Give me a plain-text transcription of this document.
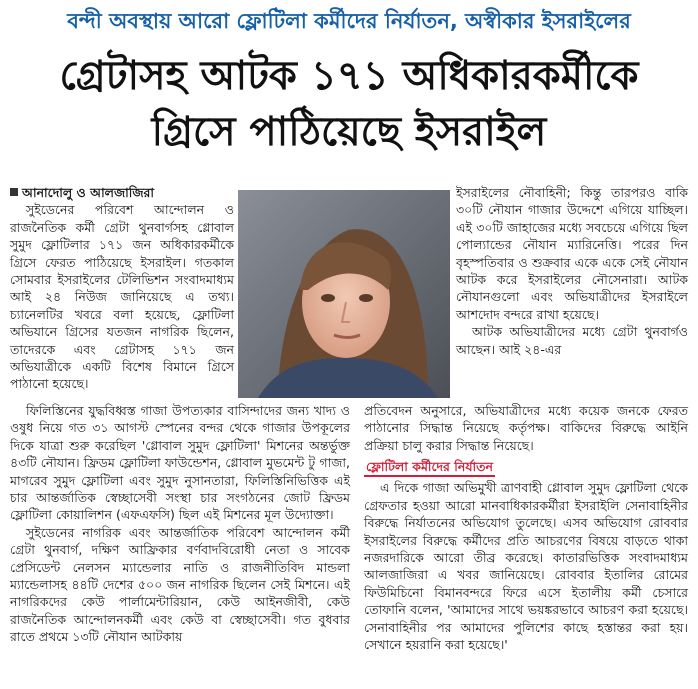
বন্দী অবস্থায় আরো ফ্লোটিলা কর্মীদের নির্যাতন, অস্বীকার ইসরাইলের
গ্রেটাসহ আটক ১৭১ অধিকারকর্মীকে
গ্রিসে পাঠিয়েছে ইসরাইল
আনাদোলু ও আলজাজিরা

সুইডেনের পরিবেশ আন্দোলন ও রাজনৈতিক কর্মী গ্রেটা থুনবার্গসহ গ্লোবাল সুমুদ ফ্লোটিলার ১৭১ জন অধিকারকর্মীকে গ্রিসে ফেরত পাঠিয়েছে ইসরাইল। গতকাল সোমবার ইসরাইলের টেলিভিশন সংবাদমাধ্যম আই ২৪ নিউজ জানিয়েছে এ তথ্য। চ্যানেলটির খবরে বলা হয়েছে, ফ্লোটিলা অভিযানে গ্রিসের যতজন নাগরিক ছিলেন, তাদেরকে এবং গ্রেটাসহ ১৭১ জন অভিযাত্রীকে একটি বিশেষ বিমানে গ্রিসে পাঠানো হয়েছে।

ইসরাইলের নৌবাহিনী; কিন্তু তারপরও বাকি ৩০টি নৌযান গাজার উদ্দেশে এগিয়ে যাচ্ছিল। এই ৩০টি জাহাজের মধ্যে সবচেয়ে এগিয়ে ছিল পোল্যান্ডের নৌযান ম্যারিনেত্তি। পরের দিন বৃহস্পতিবার ও শুক্রবার একে একে সেই নৌযান আটক করে ইসরাইলের নৌসেনারা। আটক নৌযানগুলো এবং অভিযাত্রীদের ইসরাইলে আশদোদ বন্দরে রাখা হয়েছে।

আটক অভিযাত্রীদের মধ্যে গ্রেটা থুনবার্গও আছেন। আই ২৪-এর

প্রতিবেদন অনুসারে, অভিযাত্রীদের মধ্যে কয়েক জনকে ফেরত পাঠানোর সিদ্ধান্ত নিয়েছে কর্তৃপক্ষ। বাকিদের বিরুদ্ধে আইনি প্রক্রিয়া চালু করার সিদ্ধান্ত নিয়েছে।

ফিলিস্তিনের যুদ্ধবিধ্বস্ত গাজা উপত্যকার বাসিন্দাদের জন্য খাদ্য ও ওষুধ নিয়ে গত ৩১ আগস্ট স্পেনের বন্দর থেকে গাজার উপকূলের দিকে যাত্রা শুরু করেছিল 'গ্লোবাল সুমুদ ফ্লোটিলা' মিশনের অন্তর্ভুক্ত ৪৩টি নৌযান। ফ্রিডম ফ্লোটিলা ফাউন্ডেশন, গ্লোবাল মুভমেন্ট টু গাজা, মাগরেব সুমুদ ফ্লোটিলা এবং সুমুদ নুসানতারা, ফিলিস্তিনিভিত্তিক এই চার আন্তর্জাতিক স্বেচ্ছাসেবী সংস্থা চার সংগঠনের জোট ফ্রিডম ফ্লোটিলা কোয়ালিশন (এফএফসি) ছিল এই মিশনের মূল উদ্যোক্তা।

সুইডেনের নাগরিক এবং আন্তর্জাতিক পরিবেশ আন্দোলন কর্মী গ্রেটা থুনবার্গ, দক্ষিণ আফ্রিকার বর্ণবাদবিরোধী নেতা ও সাবেক প্রেসিডেন্ট নেলসন ম্যান্ডেলার নাতি ও রাজনীতিবিদ মান্ডলা ম্যান্ডেলাসহ ৪৪টি দেশের ৫০০ জন নাগরিক ছিলেন সেই মিশনে। এই নাগরিকদের কেউ পার্লামেন্টারিয়ান, কেউ আইনজীবী, কেউ রাজনৈতিক আন্দোলনকর্মী এবং কেউ বা স্বেচ্ছাসেবী। গত বুধবার রাতে প্রথমে ১৩টি নৌযান আটকায়

ফ্লোটিলা কর্মীদের নির্যাতন

এ দিকে গাজা অভিমুখী ত্রাণবাহী গ্লোবাল সুমুদ ফ্লোটিলা থেকে গ্রেফতার হওয়া আরো মানবাধিকারকর্মীরা ইসরাইলি সেনাবাহিনীর বিরুদ্ধে নির্যাতনের অভিযোগ তুলেছে। এসব অভিযোগ রোববার ইসরাইলের বিরুদ্ধে কর্মীদের প্রতি আচরণের বিষয়ে বাড়তে থাকা নজরদারিকে আরো তীব্র করেছে। কাতারভিত্তিক সংবাদমাধ্যম আলজাজিরা এ খবর জানিয়েছে। রোববার ইতালির রোমের ফিউমিচিনো বিমানবন্দরে ফিরে এসে ইতালীয় কর্মী চেসারে তোফানি বলেন, 'আমাদের সাথে ভয়ঙ্করভাবে আচরণ করা হয়েছে। সেনাবাহিনীর পর আমাদের পুলিশের কাছে হস্তান্তর করা হয়। সেখানে হয়রানি করা হয়েছে।'
